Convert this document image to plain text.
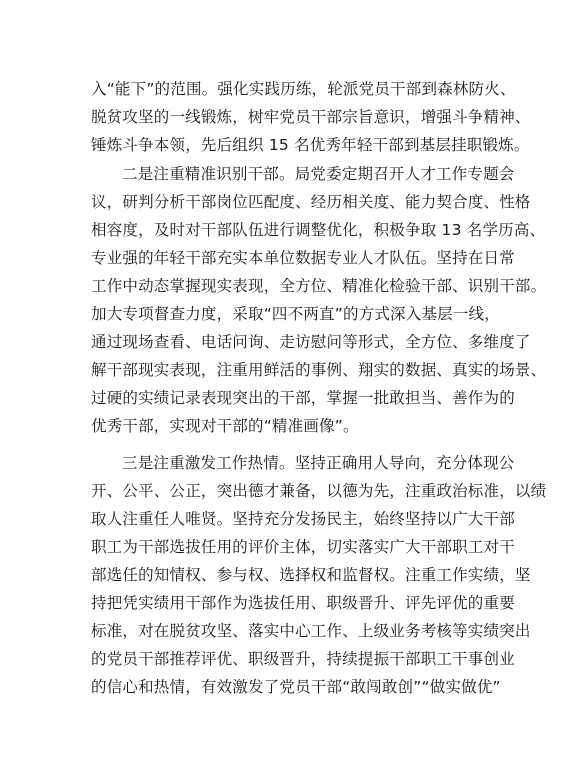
入“能下”的范围。强化实践历练，轮派党员干部到森林防火、
脱贫攻坚的一线锻炼，树牢党员干部宗旨意识，增强斗争精神、
锤炼斗争本领，先后组织 15 名优秀年轻干部到基层挂职锻炼。
二是注重精准识别干部。局党委定期召开人才工作专题会
议，研判分析干部岗位匹配度、经历相关度、能力契合度、性格
相容度，及时对干部队伍进行调整优化，积极争取 13 名学历高、
专业强的年轻干部充实本单位数据专业人才队伍。坚持在日常
工作中动态掌握现实表现，全方位、精准化检验干部、识别干部。
加大专项督查力度，采取“四不两直”的方式深入基层一线，
通过现场查看、电话问询、走访慰问等形式，全方位、多维度了
解干部现实表现，注重用鲜活的事例、翔实的数据、真实的场景、
过硬的实绩记录表现突出的干部，掌握一批敢担当、善作为的
优秀干部，实现对干部的“精准画像”。
三是注重激发工作热情。坚持正确用人导向，充分体现公
开、公平、公正，突出德才兼备，以德为先，注重政治标准，以绩
取人注重任人唯贤。坚持充分发扬民主，始终坚持以广大干部
职工为干部选拔任用的评价主体，切实落实广大干部职工对干
部选任的知情权、参与权、选择权和监督权。注重工作实绩，坚
持把凭实绩用干部作为选拔任用、职级晋升、评先评优的重要
标准，对在脱贫攻坚、落实中心工作、上级业务考核等实绩突出
的党员干部推荐评优、职级晋升，持续提振干部职工干事创业
的信心和热情，有效激发了党员干部“敢闯敢创”“做实做优”
